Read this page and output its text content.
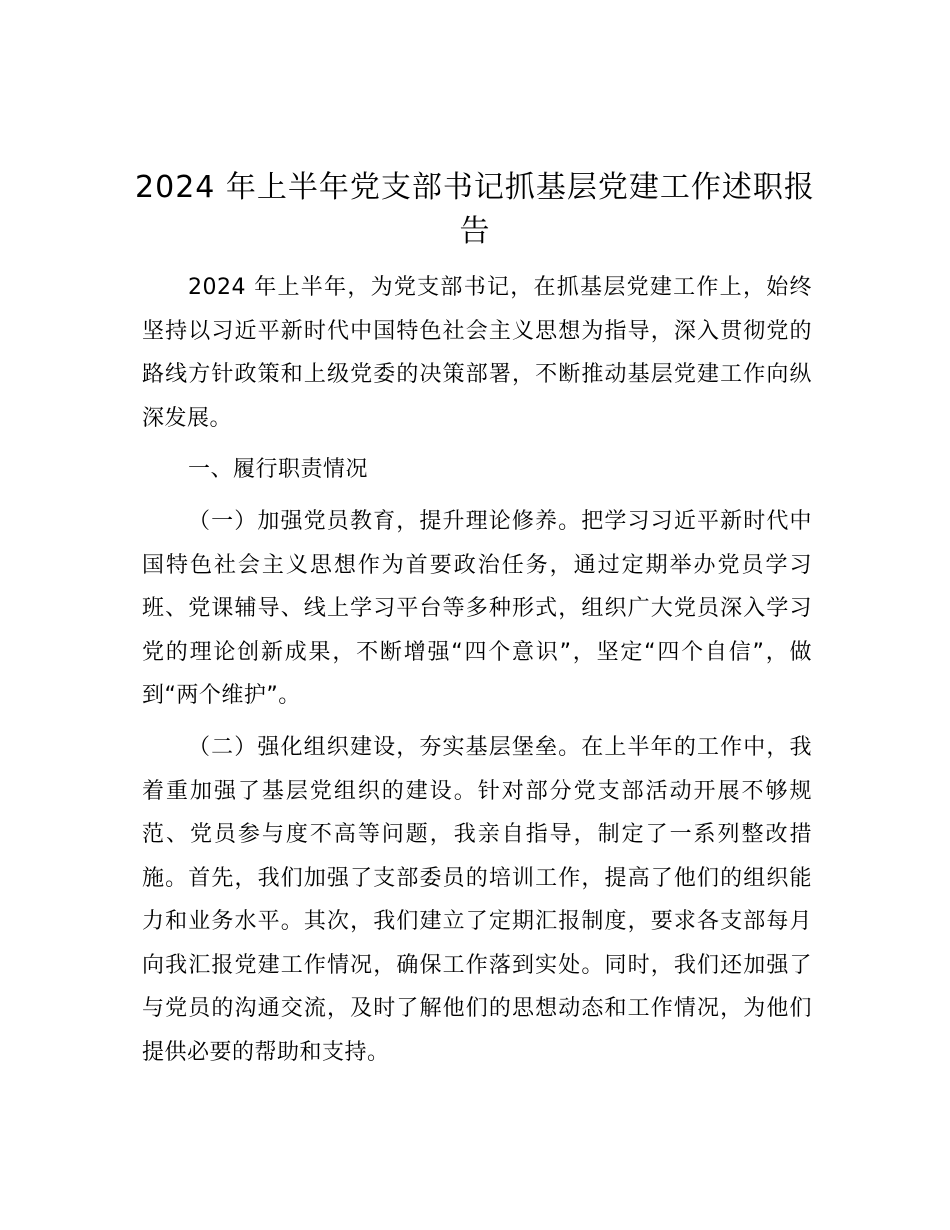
2024 年上半年党支部书记抓基层党建工作述职报告

2024 年上半年，为党支部书记，在抓基层党建工作上，始终坚持以习近平新时代中国特色社会主义思想为指导，深入贯彻党的路线方针政策和上级党委的决策部署，不断推动基层党建工作向纵深发展。

一、履行职责情况

（一）加强党员教育，提升理论修养。把学习习近平新时代中国特色社会主义思想作为首要政治任务，通过定期举办党员学习班、党课辅导、线上学习平台等多种形式，组织广大党员深入学习党的理论创新成果，不断增强“四个意识”，坚定“四个自信”，做到“两个维护”。

（二）强化组织建设，夯实基层堡垒。在上半年的工作中，我着重加强了基层党组织的建设。针对部分党支部活动开展不够规范、党员参与度不高等问题，我亲自指导，制定了一系列整改措施。首先，我们加强了支部委员的培训工作，提高了他们的组织能力和业务水平。其次，我们建立了定期汇报制度，要求各支部每月向我汇报党建工作情况，确保工作落到实处。同时，我们还加强了与党员的沟通交流，及时了解他们的思想动态和工作情况，为他们提供必要的帮助和支持。
